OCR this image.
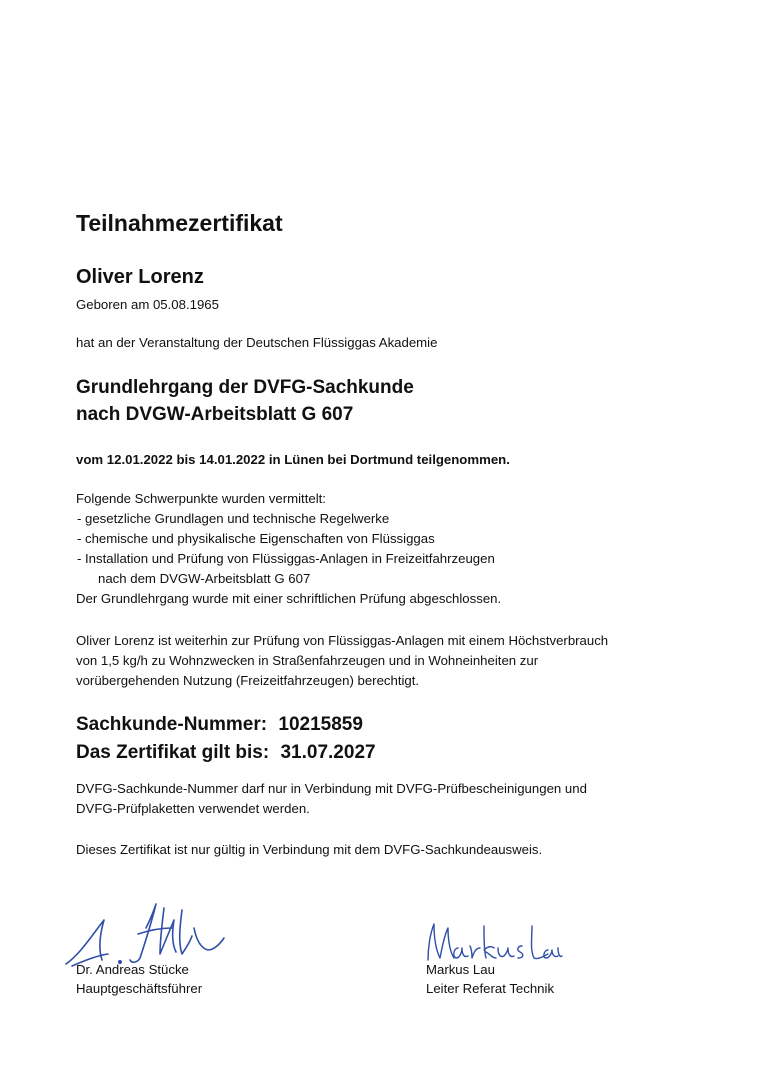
Teilnahmezertifikat
Oliver Lorenz
Geboren am 05.08.1965
hat an der Veranstaltung der Deutschen Flüssiggas Akademie
Grundlehrgang der DVFG-Sachkunde
nach DVGW-Arbeitsblatt G 607
vom 12.01.2022 bis 14.01.2022 in Lünen bei Dortmund teilgenommen.
Folgende Schwerpunkte wurden vermittelt:
- gesetzliche Grundlagen und technische Regelwerke
- chemische und physikalische Eigenschaften von Flüssiggas
- Installation und Prüfung von Flüssiggas-Anlagen in Freizeitfahrzeugen
nach dem DVGW-Arbeitsblatt G 607
Der Grundlehrgang wurde mit einer schriftlichen Prüfung abgeschlossen.
Oliver Lorenz ist weiterhin zur Prüfung von Flüssiggas-Anlagen mit einem Höchstverbrauch
von 1,5 kg/h zu Wohnzwecken in Straßenfahrzeugen und in Wohneinheiten zur
vorübergehenden Nutzung (Freizeitfahrzeugen) berechtigt.
Sachkunde-Nummer: 10215859
Das Zertifikat gilt bis: 31.07.2027
DVFG-Sachkunde-Nummer darf nur in Verbindung mit DVFG-Prüfbescheinigungen und
DVFG-Prüfplaketten verwendet werden.
Dieses Zertifikat ist nur gültig in Verbindung mit dem DVFG-Sachkundeausweis.
Dr. Andreas Stücke
Hauptgeschäftsführer
Markus Lau
Leiter Referat Technik
